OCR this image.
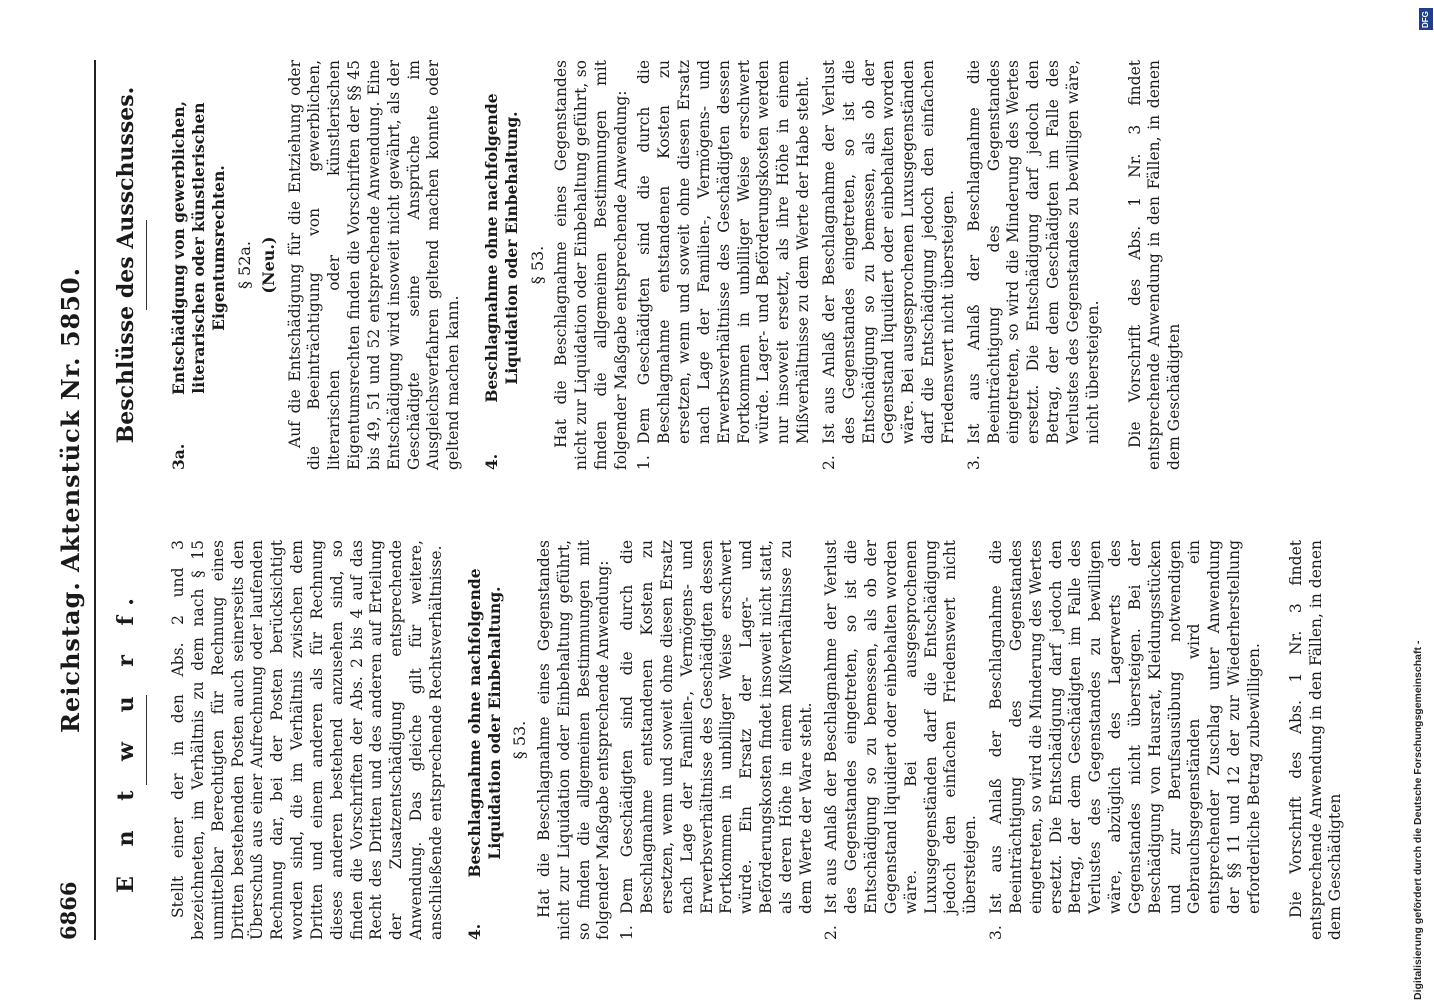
6866
Reichstag. Aktenstück Nr. 5850.
E n t w u r f. Stellt einer der in den Abs. 2 und 3 bezeichneten, im Verhältnis zu dem nach § 15 unmittelbar Berechtigten für Rechnung eines Dritten bestehenden Posten auch seinerseits den Überschuß aus einer Aufrechnung oder laufenden Rechnung dar, bei der Posten berücksichtigt worden sind, die im Verhältnis zwischen dem Dritten und einem anderen als für Rechnung dieses anderen bestehend anzusehen sind, so finden die Vorschriften der Abs. 2 bis 4 auf das Recht des Dritten und des anderen auf Erteilung der Zusatzentschädigung entsprechende Anwendung. Das gleiche gilt für weitere, anschließende entsprechende Rechtsverhältnisse. 4.
Beschlagnahme ohne nachfolgende Liquidation oder Einbehaltung. § 53. Hat die Beschlagnahme eines Gegenstandes nicht zur Liquidation oder Einbehaltung geführt, so finden die allgemeinen Bestimmungen mit folgender Maßgabe entsprechende Anwendung: 1.
Dem Geschädigten sind die durch die Beschlagnahme entstandenen Kosten zu ersetzen, wenn und soweit ohne diesen Ersatz nach Lage der Familien-, Vermögens- und Erwerbsverhältnisse des Geschädigten dessen Fortkommen in unbilliger Weise erschwert würde. Ein Ersatz der Lager- und Beförderungskosten findet insoweit nicht statt, als deren Höhe in einem Mißverhältnisse zu dem Werte der Ware steht.
2.
Ist aus Anlaß der Beschlagnahme der Verlust des Gegenstandes eingetreten, so ist die Entschädigung so zu bemessen, als ob der Gegenstand liquidiert oder einbehalten worden wäre. Bei ausgesprochenen Luxusgegenständen darf die Entschädigung jedoch den einfachen Friedenswert nicht übersteigen.
3.
Ist aus Anlaß der Beschlagnahme die Beeinträchtigung des Gegenstandes eingetreten, so wird die Minderung des Wertes ersetzt. Die Entschädigung darf jedoch den Betrag, der dem Geschädigten im Falle des Verlustes des Gegenstandes zu bewilligen wäre, abzüglich des Lagerwerts des Gegenstandes nicht übersteigen. Bei der Beschädigung von Hausrat, Kleidungsstücken und zur Berufsausübung notwendigen Gebrauchsgegenständen wird ein entsprechender Zuschlag unter Anwendung der §§ 11 und 12 der zur Wiederherstellung erforderliche Betrag zubewilligen. Die Vorschrift des Abs. 1 Nr. 3 findet entsprechende Anwendung in den Fällen, in denen dem Geschädigten

Beschlüsse des Ausschusses.
3a.
Entschädigung von gewerblichen, literarischen oder künstlerischen Eigentumsrechten. § 52a. (Neu.) Auf die Entschädigung für die Entziehung oder die Beeinträchtigung von gewerblichen, literarischen oder künstlerischen Eigentumsrechten finden die Vorschriften der §§ 45 bis 49, 51 und 52 entsprechende Anwendung. Eine Entschädigung wird insoweit nicht gewährt, als der Geschädigte seine Ansprüche im Ausgleichsverfahren geltend machen konnte oder geltend machen kann. 4.
Beschlagnahme ohne nachfolgende Liquidation oder Einbehaltung. § 53. Hat die Beschlagnahme eines Gegenstandes nicht zur Liquidation oder Einbehaltung geführt, so finden die allgemeinen Bestimmungen mit folgender Maßgabe entsprechende Anwendung: 1.
Dem Geschädigten sind die durch die Beschlagnahme entstandenen Kosten zu ersetzen, wenn und soweit ohne diesen Ersatz nach Lage der Familien-, Vermögens- und Erwerbsverhältnisse des Geschädigten dessen Fortkommen in unbilliger Weise erschwert würde. Lager- und Beförderungskosten werden nur insoweit ersetzt, als ihre Höhe in einem Mißverhältnisse zu dem Werte der Habe steht.
2.
Ist aus Anlaß der Beschlagnahme der Verlust des Gegenstandes eingetreten, so ist die Entschädigung so zu bemessen, als ob der Gegenstand liquidiert oder einbehalten worden wäre. Bei ausgesprochenen Luxusgegenständen darf die Entschädigung jedoch den einfachen Friedenswert nicht übersteigen.
3.
Ist aus Anlaß der Beschlagnahme die Beeinträchtigung des Gegenstandes eingetreten, so wird die Minderung des Wertes ersetzt. Die Entschädigung darf jedoch den Betrag, der dem Geschädigten im Falle des Verlustes des Gegenstandes zu bewilligen wäre, nicht übersteigen. Die Vorschrift des Abs. 1 Nr. 3 findet entsprechende Anwendung in den Fällen, in denen dem Geschädigten

Digitalisierung gefördert durch die Deutsche Forschungsgemeinschaft -
DFG
